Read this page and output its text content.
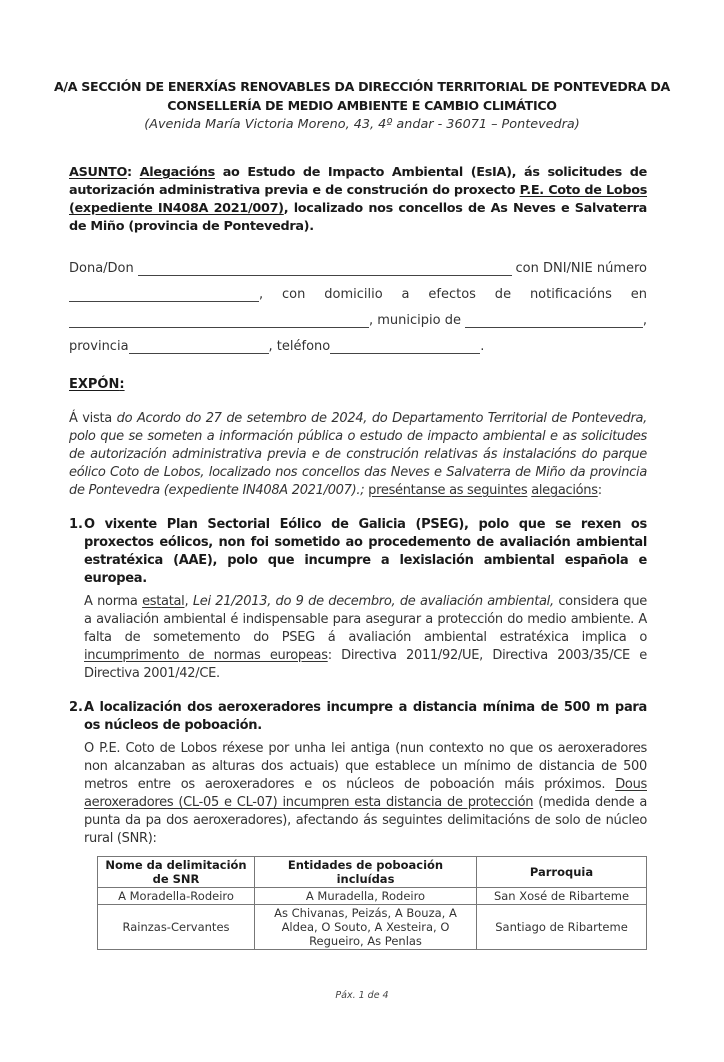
A/A SECCIÓN DE ENERXÍAS RENOVABLES DA DIRECCIÓN TERRITORIAL DE PONTEVEDRA DA
CONSELLERÍA DE MEDIO AMBIENTE E CAMBIO CLIMÁTICO
(Avenida María Victoria Moreno, 43, 4º andar - 36071 – Pontevedra)
ASUNTO: Alegacións ao Estudo de Impacto Ambiental (EsIA), ás solicitudes de autorización administrativa previa e de construción do proxecto P.E. Coto de Lobos (expediente IN408A 2021/007), localizado nos concellos de As Neves e Salvaterra de Miño (provincia de Pontevedra).
Dona/Don	con DNI/NIE número
, con domicilio a efectos de notificacións en
, municipio de	,
provincia	, teléfono	.
EXPÓN:
Á vista do Acordo do 27 de setembro de 2024, do Departamento Territorial de Pontevedra, polo que se someten a información pública o estudo de impacto ambiental e as solicitudes de autorización administrativa previa e de construción relativas ás instalacións do parque eólico Coto de Lobos, localizado nos concellos das Neves e Salvaterra de Miño da provincia de Pontevedra (expediente IN408A 2021/007).; preséntanse as seguintes alegacións:
1. O vixente Plan Sectorial Eólico de Galicia (PSEG), polo que se rexen os proxectos eólicos, non foi sometido ao procedemento de avaliación ambiental estratéxica (AAE), polo que incumpre a lexislación ambiental española e europea.
A norma estatal, Lei 21/2013, do 9 de decembro, de avaliación ambiental, considera que a avaliación ambiental é indispensable para asegurar a protección do medio ambiente. A falta de sometemento do PSEG á avaliación ambiental estratéxica implica o incumprimento de normas europeas: Directiva 2011/92/UE, Directiva 2003/35/CE e Directiva 2001/42/CE.
2. A localización dos aeroxeradores incumpre a distancia mínima de 500 m para os núcleos de poboación.
O P.E. Coto de Lobos réxese por unha lei antiga (nun contexto no que os aeroxeradores non alcanzaban as alturas dos actuais) que establece un mínimo de distancia de 500 metros entre os aeroxeradores e os núcleos de poboación máis próximos. Dous aeroxeradores (CL-05 e CL-07) incumpren esta distancia de protección (medida dende a punta da pa dos aeroxeradores), afectando ás seguintes delimitacións de solo de núcleo rural (SNR):
Nome da delimitación de SNR	Entidades de poboación incluídas	Parroquia
A Moradella-Rodeiro	A Muradella, Rodeiro	San Xosé de Ribarteme
Rainzas-Cervantes	As Chivanas, Peizás, A Bouza, A Aldea, O Souto, A Xesteira, O Regueiro, As Penlas	Santiago de Ribarteme
Páx. 1 de 4
